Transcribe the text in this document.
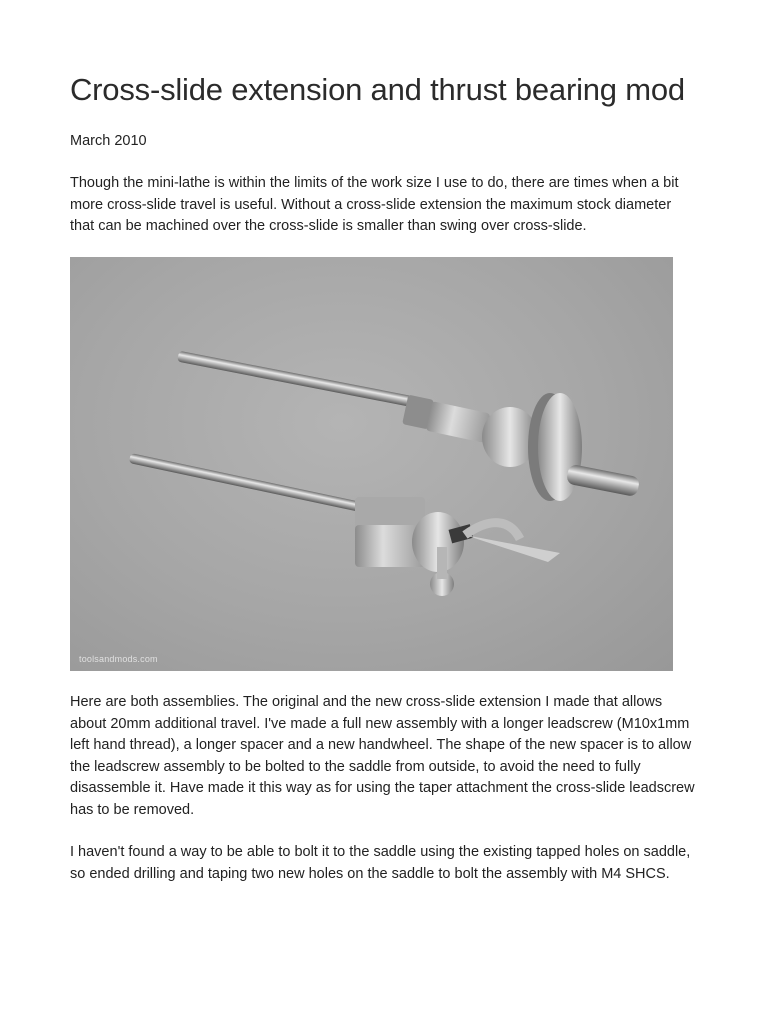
Cross-slide extension and thrust bearing mod
March 2010

Though the mini-lathe is within the limits of the work size I use to do, there are times when a bit more cross-slide travel is useful. Without a cross-slide extension the maximum stock diameter that can be machined over the cross-slide is smaller than swing over cross-slide.

toolsandmods.com

Here are both assemblies. The original and the new cross-slide extension I made that allows about 20mm additional travel. I've made a full new assembly with a longer leadscrew (M10x1mm left hand thread), a longer spacer and a new handwheel. The shape of the new spacer is to allow the leadscrew assembly to be bolted to the saddle from outside, to avoid the need to fully disassemble it. Have made it this way as for using the taper attachment the cross-slide leadscrew has to be removed.

I haven't found a way to be able to bolt it to the saddle using the existing tapped holes on saddle, so ended drilling and taping two new holes on the saddle to bolt the assembly with M4 SHCS.
